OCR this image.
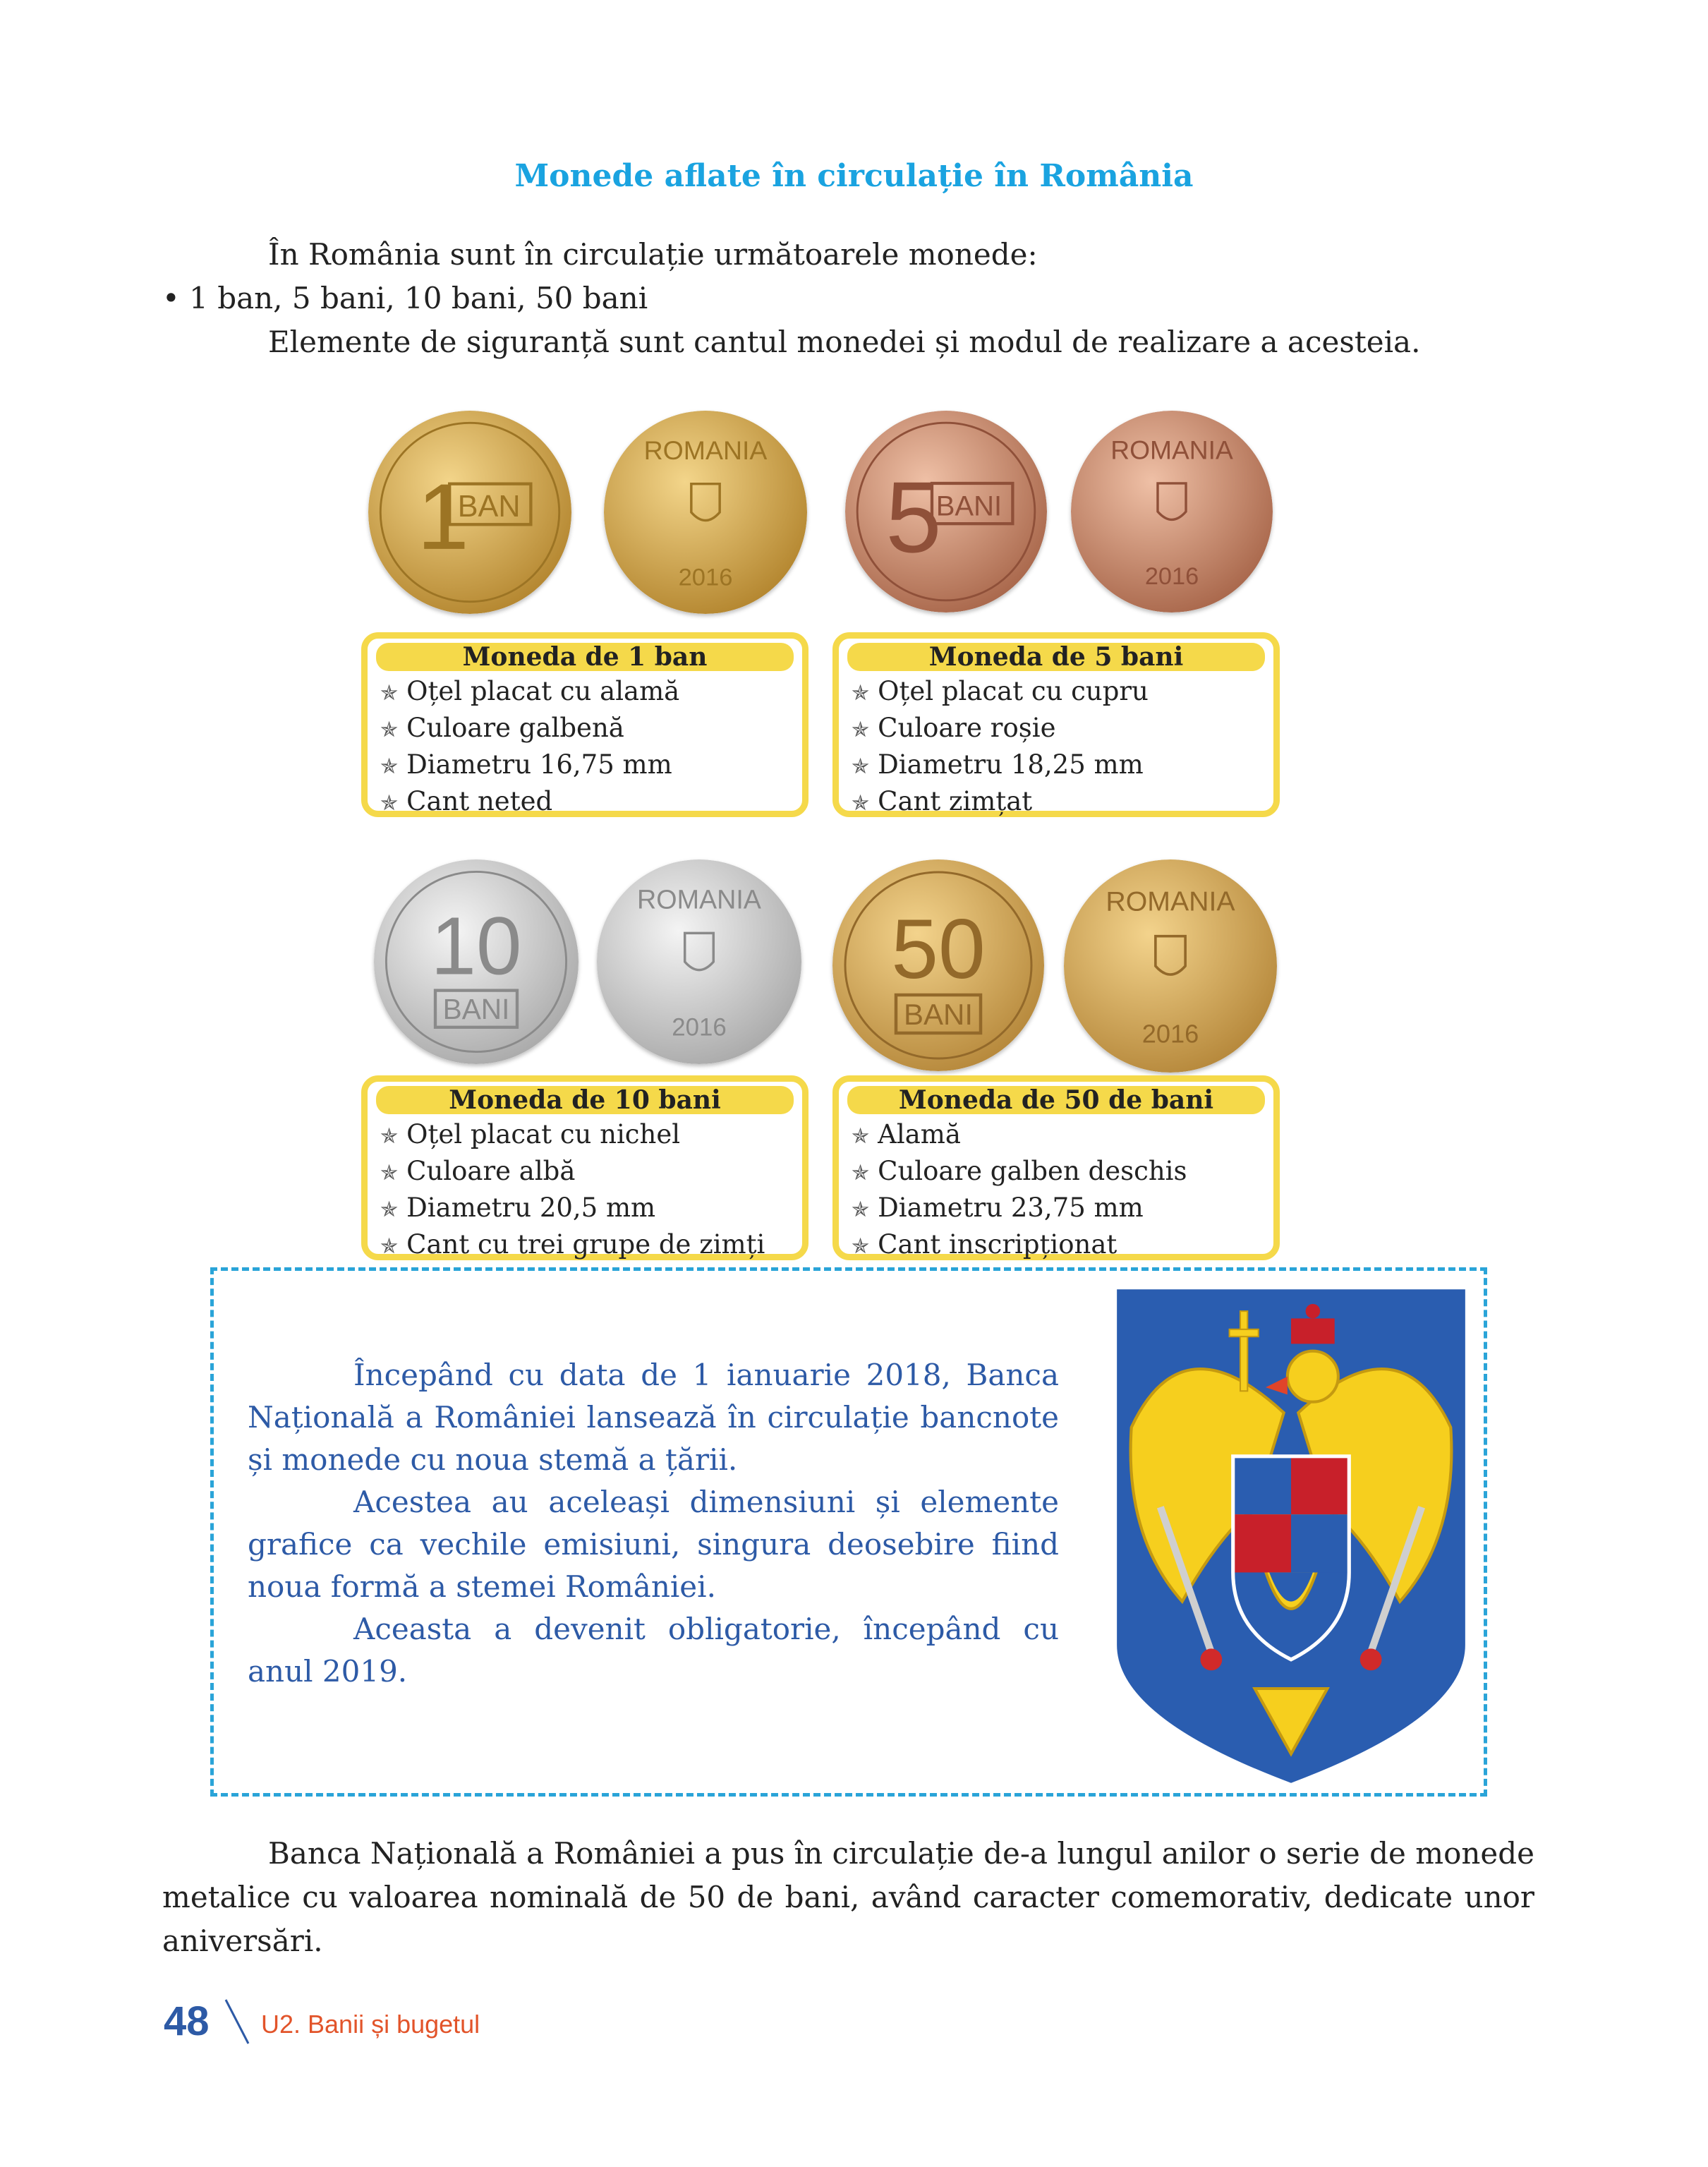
Monede aflate în circulație în România

În România sunt în circulație următoarele monede:

• 1 ban, 5 bani, 10 bani, 50 bani

Elemente de siguranță sunt cantul monedei și modul de realizare a acesteia.

1
BAN
ROMANIA
2016
5
BANI
ROMANIA
2016
Moneda de 1 ban
✯ Oțel placat cu alamă
✯ Culoare galbenă
✯ Diametru 16,75 mm
✯ Cant neted
Moneda de 5 bani
✯ Oțel placat cu cupru
✯ Culoare roșie
✯ Diametru 18,25 mm
✯ Cant zimțat
10
BANI
ROMANIA
2016
50
BANI
ROMANIA
2016
Moneda de 10 bani
✯ Oțel placat cu nichel
✯ Culoare albă
✯ Diametru 20,5 mm
✯ Cant cu trei grupe de zimți
Moneda de 50 de bani
✯ Alamă
✯ Culoare galben deschis
✯ Diametru 23,75 mm
✯ Cant inscripționat

Începând cu data de 1 ianuarie 2018, Banca Națională a României lansează în circulație bancnote și monede cu noua stemă a țării.

Acestea au aceleași dimensiuni și elemente grafice ca vechile emisiuni, singura deosebire fiind noua formă a stemei României.

Aceasta a devenit obligatorie, începând cu anul 2019.

Banca Națională a României a pus în circulație de-a lungul anilor o serie de monede metalice cu valoarea nominală de 50 de bani, având caracter comemorativ, dedicate unor aniversări.

48 U2. Banii și bugetul
